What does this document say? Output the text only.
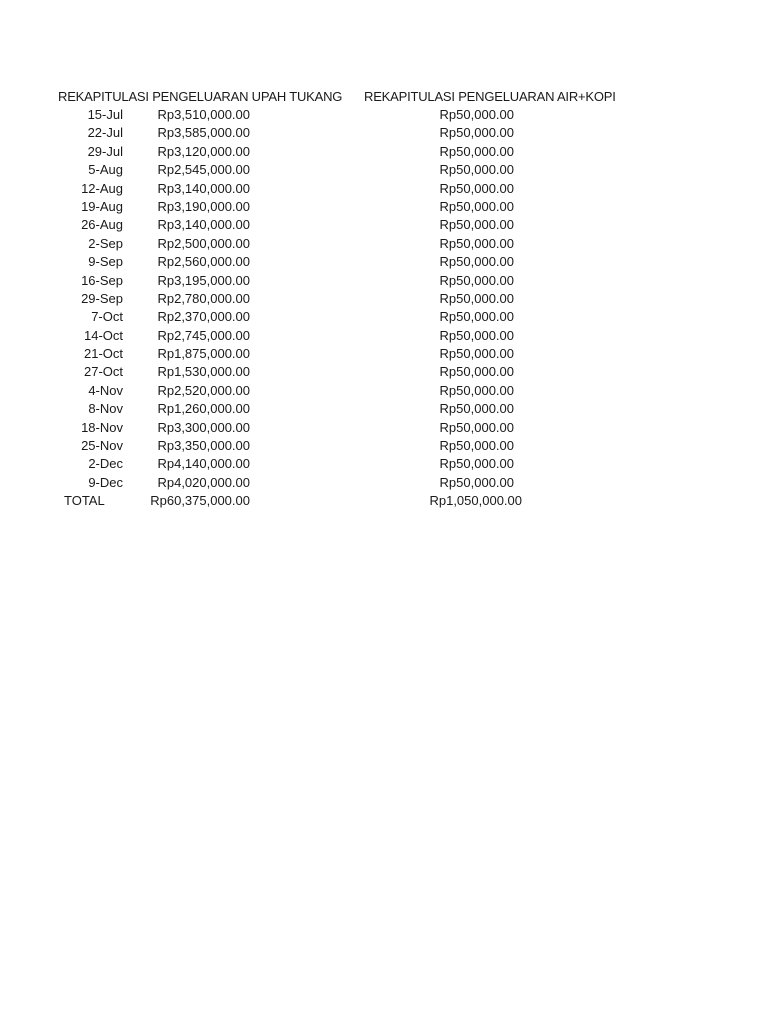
REKAPITULASI PENGELUARAN UPAH TUKANG REKAPITULASI PENGELUARAN AIR+KOPI
15-Jul	Rp3,510,000.00	Rp50,000.00
22-Jul	Rp3,585,000.00	Rp50,000.00
29-Jul	Rp3,120,000.00	Rp50,000.00
5-Aug	Rp2,545,000.00	Rp50,000.00
12-Aug	Rp3,140,000.00	Rp50,000.00
19-Aug	Rp3,190,000.00	Rp50,000.00
26-Aug	Rp3,140,000.00	Rp50,000.00
2-Sep	Rp2,500,000.00	Rp50,000.00
9-Sep	Rp2,560,000.00	Rp50,000.00
16-Sep	Rp3,195,000.00	Rp50,000.00
29-Sep	Rp2,780,000.00	Rp50,000.00
7-Oct	Rp2,370,000.00	Rp50,000.00
14-Oct	Rp2,745,000.00	Rp50,000.00
21-Oct	Rp1,875,000.00	Rp50,000.00
27-Oct	Rp1,530,000.00	Rp50,000.00
4-Nov	Rp2,520,000.00	Rp50,000.00
8-Nov	Rp1,260,000.00	Rp50,000.00
18-Nov	Rp3,300,000.00	Rp50,000.00
25-Nov	Rp3,350,000.00	Rp50,000.00
2-Dec	Rp4,140,000.00	Rp50,000.00
9-Dec	Rp4,020,000.00	Rp50,000.00
TOTAL	Rp60,375,000.00	Rp1,050,000.00
